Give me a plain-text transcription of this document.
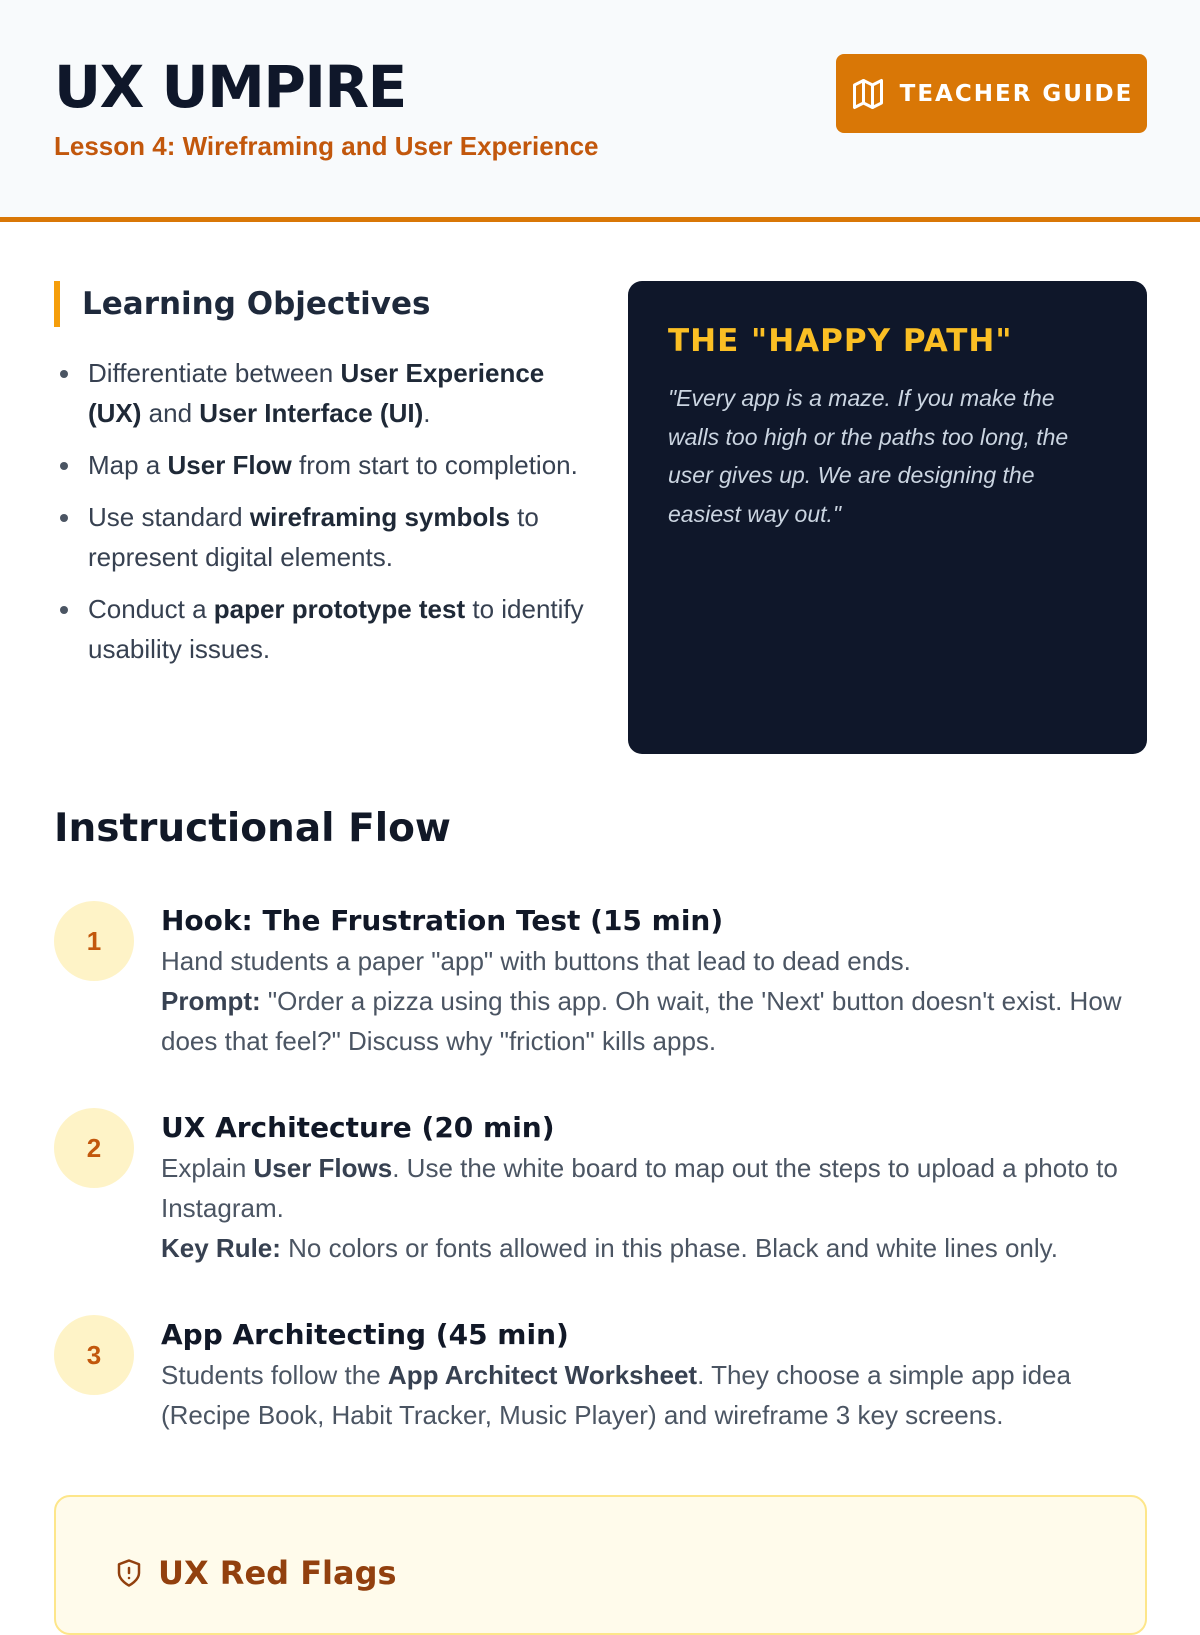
UX UMPIRE
Lesson 4: Wireframing and User Experience
TEACHER GUIDE
Learning Objectives
Differentiate between User Experience (UX) and User Interface (UI).
Map a User Flow from start to completion.
Use standard wireframing symbols to represent digital elements.
Conduct a paper prototype test to identify usability issues.
THE "HAPPY PATH"

"Every app is a maze. If you make the walls too high or the paths too long, the user gives up. We are designing the easiest way out."

Instructional Flow
1
Hook: The Frustration Test (15 min)

Hand students a paper "app" with buttons that lead to dead ends.
Prompt: "Order a pizza using this app. Oh wait, the 'Next' button doesn't exist. How does that feel?" Discuss why "friction" kills apps.

2
UX Architecture (20 min)

Explain User Flows. Use the white board to map out the steps to upload a photo to Instagram.
Key Rule: No colors or fonts allowed in this phase. Black and white lines only.

3
App Architecting (45 min)

Students follow the App Architect Worksheet. They choose a simple app idea (Recipe Book, Habit Tracker, Music Player) and wireframe 3 key screens.

UX Red Flags
